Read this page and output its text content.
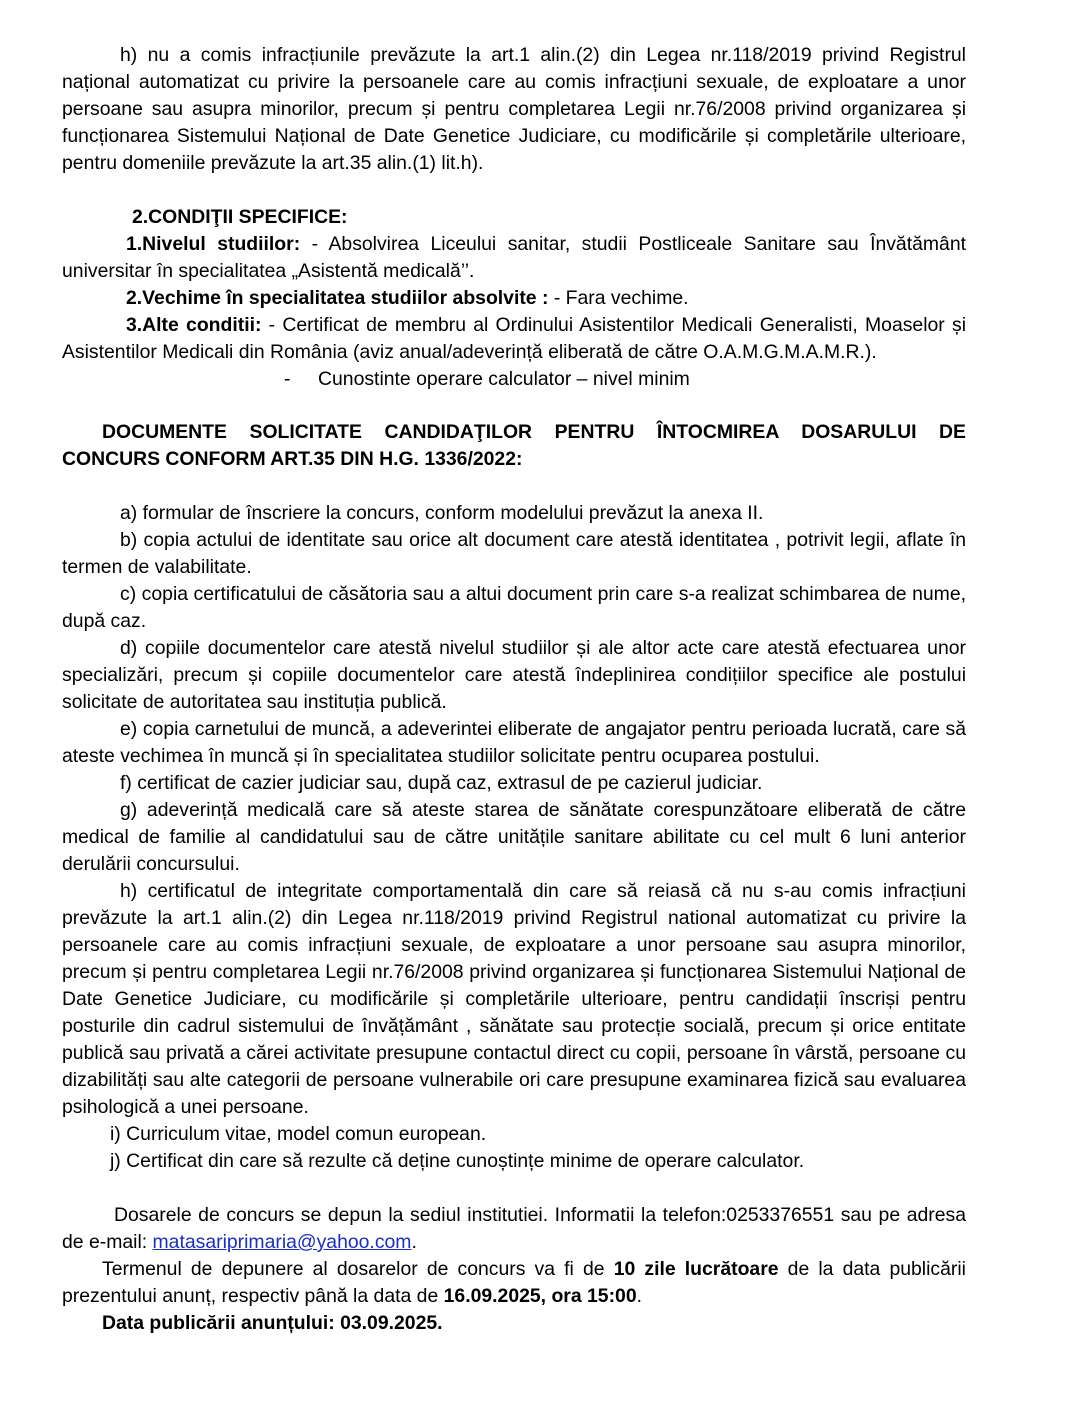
h) nu a comis infracțiunile prevăzute la art.1 alin.(2) din Legea nr.118/2019 privind Registrul național automatizat cu privire la persoanele care au comis infracțiuni sexuale, de exploatare a unor persoane sau asupra minorilor, precum și pentru completarea Legii nr.76/2008 privind organizarea și funcționarea Sistemului Național de Date Genetice Judiciare, cu modificările și completările ulterioare, pentru domeniile prevăzute la art.35 alin.(1) lit.h).

2.CONDIŢII SPECIFICE:

1.Nivelul studiilor: - Absolvirea Liceului sanitar, studii Postliceale Sanitare sau Învătământ universitar în specialitatea „Asistentă medicală’’.

2.Vechime în specialitatea studiilor absolvite : - Fara vechime.

3.Alte conditii: - Certificat de membru al Ordinului Asistentilor Medicali Generalisti, Moaselor și Asistentilor Medicali din România (aviz anual/adeverință eliberată de către O.A.M.G.M.A.M.R.).

- Cunostinte operare calculator – nivel minim

DOCUMENTE SOLICITATE CANDIDAŢILOR PENTRU ÎNTOCMIREA DOSARULUI DE CONCURS CONFORM ART.35 DIN H.G. 1336/2022:

a) formular de înscriere la concurs, conform modelului prevăzut la anexa II.

b) copia actului de identitate sau orice alt document care atestă identitatea , potrivit legii, aflate în termen de valabilitate.

c) copia certificatului de căsătoria sau a altui document prin care s-a realizat schimbarea de nume, după caz.

d) copiile documentelor care atestă nivelul studiilor și ale altor acte care atestă efectuarea unor specializări, precum și copiile documentelor care atestă îndeplinirea condițiilor specifice ale postului solicitate de autoritatea sau instituția publică.

e) copia carnetului de muncă, a adeverintei eliberate de angajator pentru perioada lucrată, care să ateste vechimea în muncă și în specialitatea studiilor solicitate pentru ocuparea postului.

f) certificat de cazier judiciar sau, după caz, extrasul de pe cazierul judiciar.

g) adeverință medicală care să ateste starea de sănătate corespunzătoare eliberată de către medical de familie al candidatului sau de către unitățile sanitare abilitate cu cel mult 6 luni anterior derulării concursului.

h) certificatul de integritate comportamentală din care să reiasă că nu s-au comis infracțiuni prevăzute la art.1 alin.(2) din Legea nr.118/2019 privind Registrul national automatizat cu privire la persoanele care au comis infracțiuni sexuale, de exploatare a unor persoane sau asupra minorilor, precum și pentru completarea Legii nr.76/2008 privind organizarea și funcționarea Sistemului Național de Date Genetice Judiciare, cu modificările și completările ulterioare, pentru candidații înscriși pentru posturile din cadrul sistemului de învățământ , sănătate sau protecție socială, precum și orice entitate publică sau privată a cărei activitate presupune contactul direct cu copii, persoane în vârstă, persoane cu dizabilități sau alte categorii de persoane vulnerabile ori care presupune examinarea fizică sau evaluarea psihologică a unei persoane.

i) Curriculum vitae, model comun european.

j) Certificat din care să rezulte că deține cunoștințe minime de operare calculator.

Dosarele de concurs se depun la sediul institutiei. Informatii la telefon:0253376551 sau pe adresa de e-mail: matasariprimaria@yahoo.com.

Termenul de depunere al dosarelor de concurs va fi de 10 zile lucrătoare de la data publicării prezentului anunț, respectiv până la data de 16.09.2025, ora 15:00.

Data publicării anunțului: 03.09.2025.
